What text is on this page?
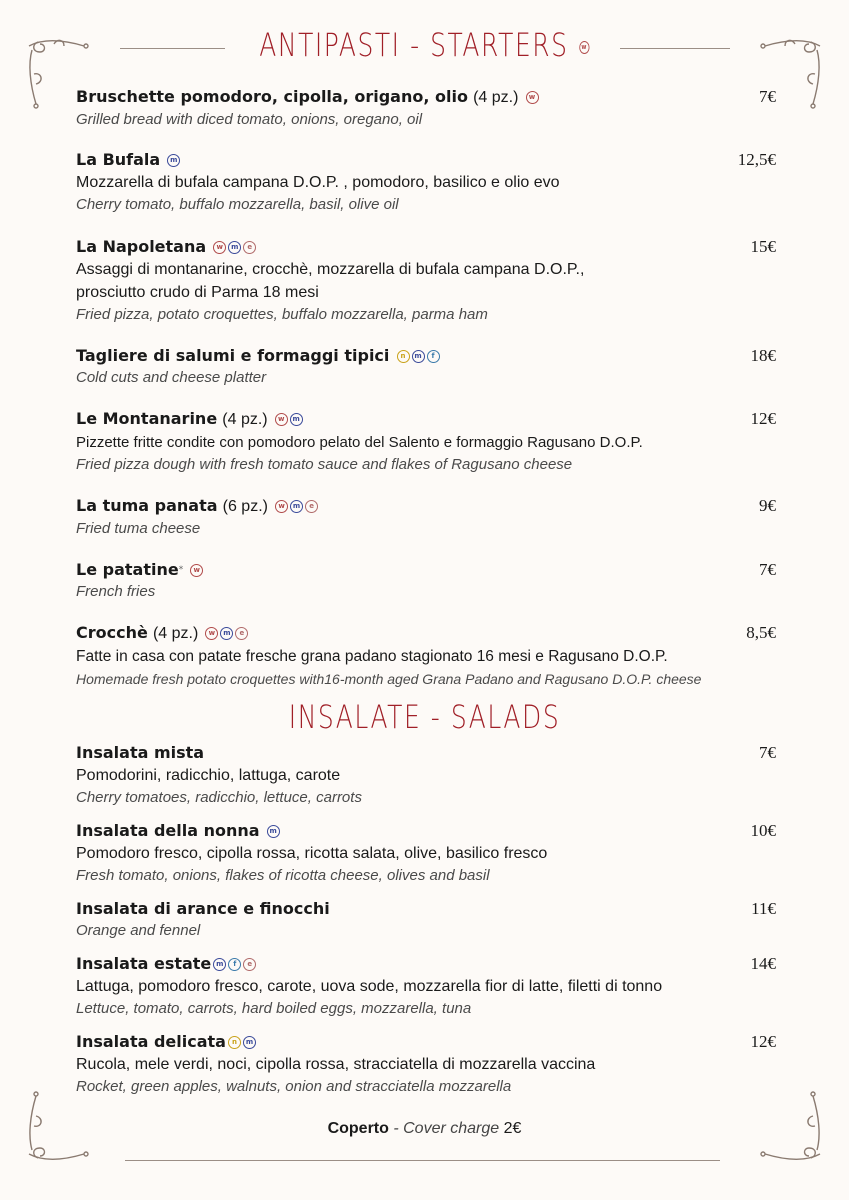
ANTIPASTI - STARTERS w
INSALATE - SALADS
Bruschette pomodoro, cipolla, origano, olio (4 pz.) w	7€
Grilled bread with diced tomato, onions, oregano, oil
La Bufala m	12,5€
Mozzarella di bufala campana D.O.P. , pomodoro, basilico e olio evo
Cherry tomato, buffalo mozzarella, basil, olive oil
La Napoletana w m e	15€
Assaggi di montanarine, crocchè, mozzarella di bufala campana D.O.P., prosciutto crudo di Parma 18 mesi
Fried pizza, potato croquettes, buffalo mozzarella, parma ham
Tagliere di salumi e formaggi tipici n m f	18€
Cold cuts and cheese platter
Le Montanarine (4 pz.) w m	12€
Pizzette fritte condite con pomodoro pelato del Salento e formaggio Ragusano D.O.P.
Fried pizza dough with fresh tomato sauce and flakes of Ragusano cheese
La tuma panata (6 pz.) w m e	9€
Fried tuma cheese
Le patatine* w	7€
French fries
Crocchè (4 pz.) w m e	8,5€
Fatte in casa con patate fresche grana padano stagionato 16 mesi e Ragusano D.O.P.
Homemade fresh potato croquettes with16-month aged Grana Padano and Ragusano D.O.P. cheese
Insalata mista	7€
Pomodorini, radicchio, lattuga, carote
Cherry tomatoes, radicchio, lettuce, carrots
Insalata della nonna m	10€
Pomodoro fresco, cipolla rossa, ricotta salata, olive, basilico fresco
Fresh tomato, onions, flakes of ricotta cheese, olives and basil
Insalata di arance e finocchi	11€
Orange and fennel
Insalata estate m f e	14€
Lattuga, pomodoro fresco, carote, uova sode, mozzarella fior di latte, filetti di tonno
Lettuce, tomato, carrots, hard boiled eggs, mozzarella, tuna
Insalata delicata n m	12€
Rucola, mele verdi, noci, cipolla rossa, stracciatella di mozzarella vaccina
Rocket, green apples, walnuts, onion and stracciatella mozzarella
Coperto - Cover charge 2€
